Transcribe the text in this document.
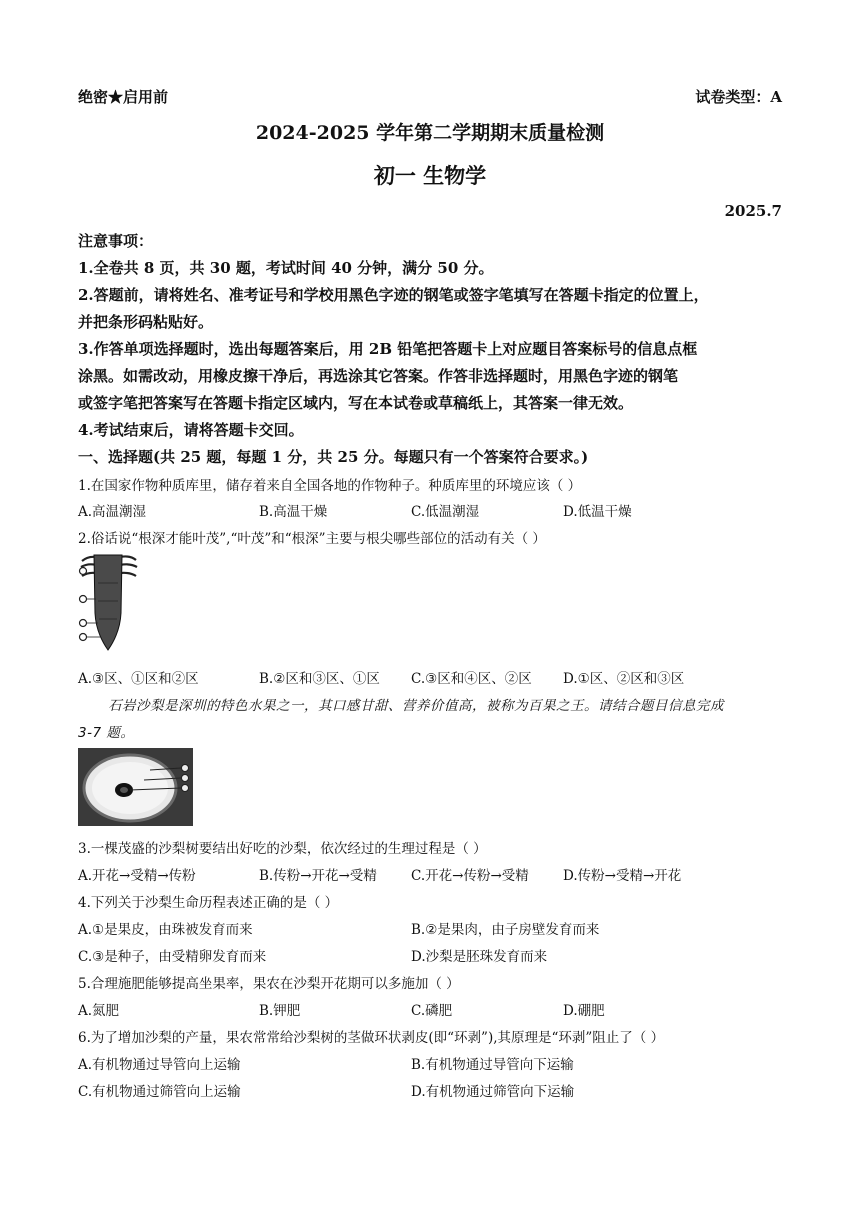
绝密★启用前	试卷类型：A
2024-2025 学年第二学期期末质量检测
初一 生物学
2025.7
注意事项：
1.全卷共 8 页，共 30 题，考试时间 40 分钟，满分 50 分。
2.答题前，请将姓名、准考证号和学校用黑色字迹的钢笔或签字笔填写在答题卡指定的位置上，
并把条形码粘贴好。
3.作答单项选择题时，选出每题答案后，用 2B 铅笔把答题卡上对应题目答案标号的信息点框
涂黑。如需改动，用橡皮擦干净后，再选涂其它答案。作答非选择题时，用黑色字迹的钢笔
或签字笔把答案写在答题卡指定区域内，写在本试卷或草稿纸上，其答案一律无效。
4.考试结束后，请将答题卡交回。
一、选择题(共 25 题，每题 1 分，共 25 分。每题只有一个答案符合要求。)
1.在国家作物种质库里，储存着来自全国各地的作物种子。种质库里的环境应该（ ）
A.高温潮湿	B.高温干燥	C.低温潮湿	D.低温干燥
2.俗话说“根深才能叶茂”,“叶茂”和“根深”主要与根尖哪些部位的活动有关（ ）
A.③区、①区和②区	B.②区和③区、①区 C.③区和④区、②区 D.①区、②区和③区
石岩沙梨是深圳的特色水果之一，其口感甘甜、营养价值高，被称为百果之王。请结合题目信息完成
3-7 题。
3.一棵茂盛的沙梨树要结出好吃的沙梨，依次经过的生理过程是（ ）
A.开花→受精→传粉	B.传粉→开花→受精	C.开花→传粉→受精	D.传粉→受精→开花
4.下列关于沙梨生命历程表述正确的是（ ）
A.①是果皮，由珠被发育而来	B.②是果肉，由子房壁发育而来
C.③是种子，由受精卵发育而来	D.沙梨是胚珠发育而来
5.合理施肥能够提高坐果率，果农在沙梨开花期可以多施加（ ）
A.氮肥	B.钾肥	C.磷肥	D.硼肥
6.为了增加沙梨的产量，果农常常给沙梨树的茎做环状剥皮(即“环剥”),其原理是“环剥”阻止了（ ）
A.有机物通过导管向上运输	B.有机物通过导管向下运输
C.有机物通过筛管向上运输	D.有机物通过筛管向下运输
